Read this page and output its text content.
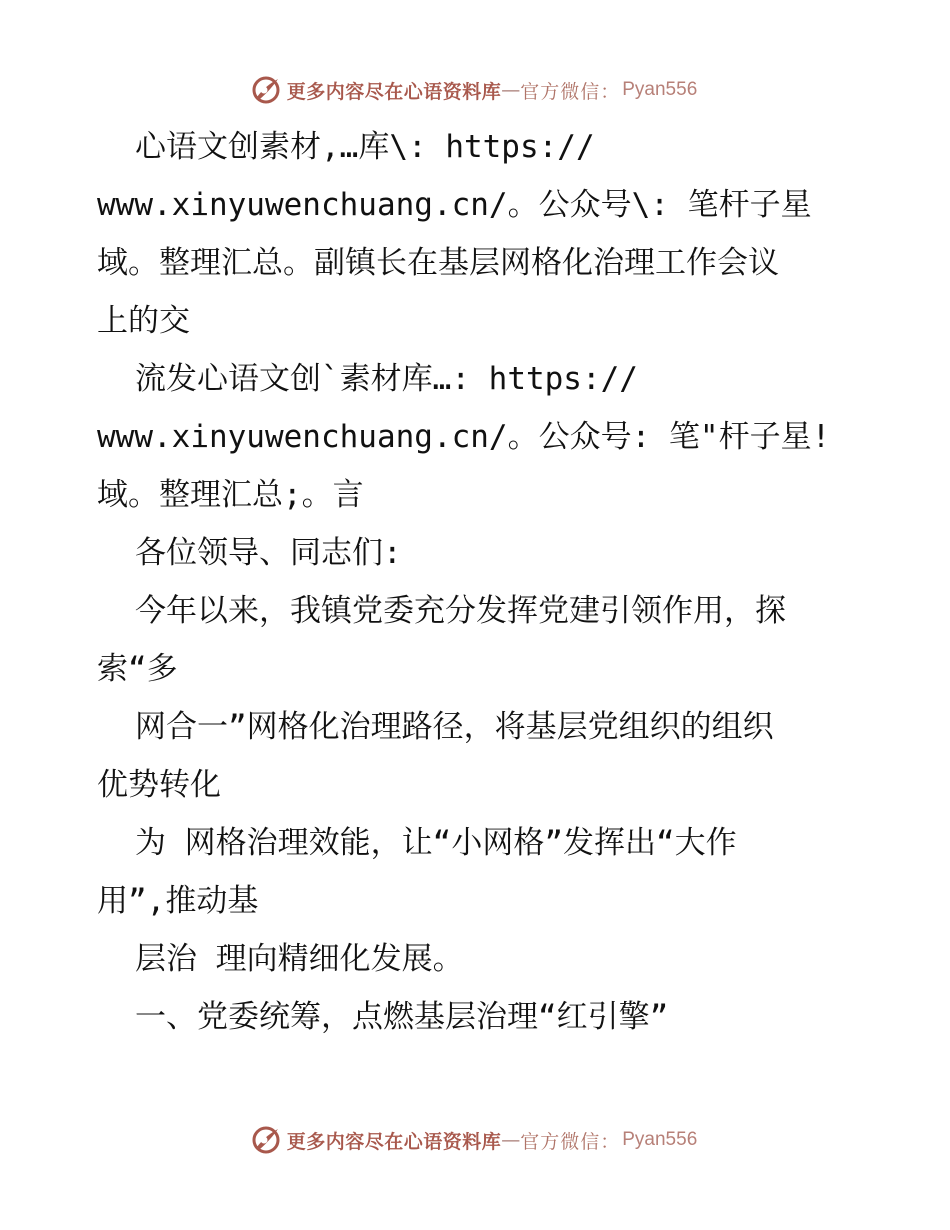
更多内容尽在心语资料库 — 官方微信： Pyan556
心语文创素材,…库\: https://
www.xinyuwenchuang.cn/。公众号\: 笔杆子星
域。整理汇总。副镇长在基层网格化治理工作会议
上的交
流发心语文创`素材库…: https://
www.xinyuwenchuang.cn/。公众号: 笔"杆子星!
域。整理汇总;。言
各位领导、同志们:
今年以来，我镇党委充分发挥党建引领作用，探
索“多
网合一”网格化治理路径，将基层党组织的组织
优势转化
为 网格治理效能，让“小网格”发挥出“大作
用”,推动基
层治 理向精细化发展。
一、党委统筹，点燃基层治理“红引擎”
更多内容尽在心语资料库 — 官方微信： Pyan556
